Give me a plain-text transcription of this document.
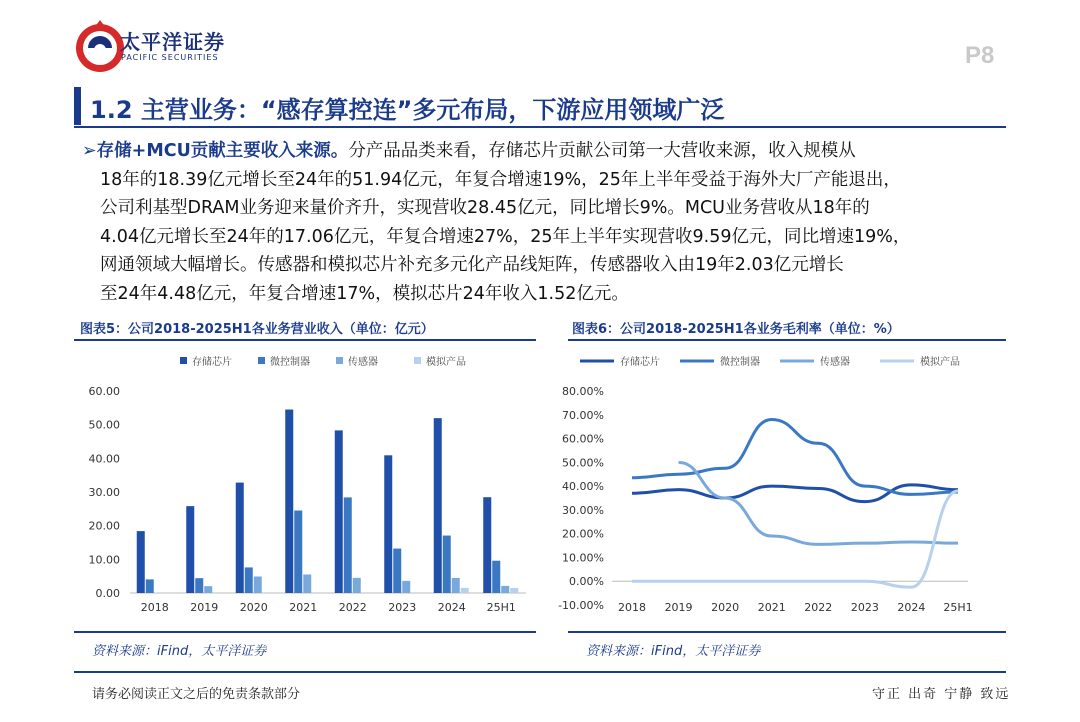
太平洋证券
PACIFIC SECURITIES	P8
1.2 主营业务：“感存算控连”多元布局，下游应用领域广泛
➢存储+MCU贡献主要收入来源。分产品品类来看，存储芯片贡献公司第一大营收来源，收入规模从
18年的18.39亿元增长至24年的51.94亿元，年复合增速19%，25年上半年受益于海外大厂产能退出，
公司利基型DRAM业务迎来量价齐升，实现营收28.45亿元，同比增长9%。MCU业务营收从18年的
4.04亿元增长至24年的17.06亿元，年复合增速27%，25年上半年实现营收9.59亿元，同比增速19%，
网通领域大幅增长。传感器和模拟芯片补充多元化产品线矩阵，传感器收入由19年2.03亿元增长
至24年4.48亿元，年复合增速17%，模拟芯片24年收入1.52亿元。
图表5：公司2018-2025H1各业务营业收入（单位：亿元）	图表6：公司2018-2025H1各业务毛利率（单位：%）
存储芯片	微控制器	传感器	模拟产品
0.00
10.00
20.00
30.00
40.00
50.00
60.00
2018 2019 2020 2021 2022 2023 2024 25H1
存储芯片	微控制器	传感器	模拟产品
-10.00%
0.00%
10.00%
20.00%
30.00%
40.00%
50.00%
60.00%
70.00%
80.00%
2018 2019 2020 2021 2022 2023 2024 25H1
资料来源：iFind，太平洋证券	资料来源：iFind，太平洋证券
请务必阅读正文之后的免责条款部分	守正 出奇 宁静 致远
